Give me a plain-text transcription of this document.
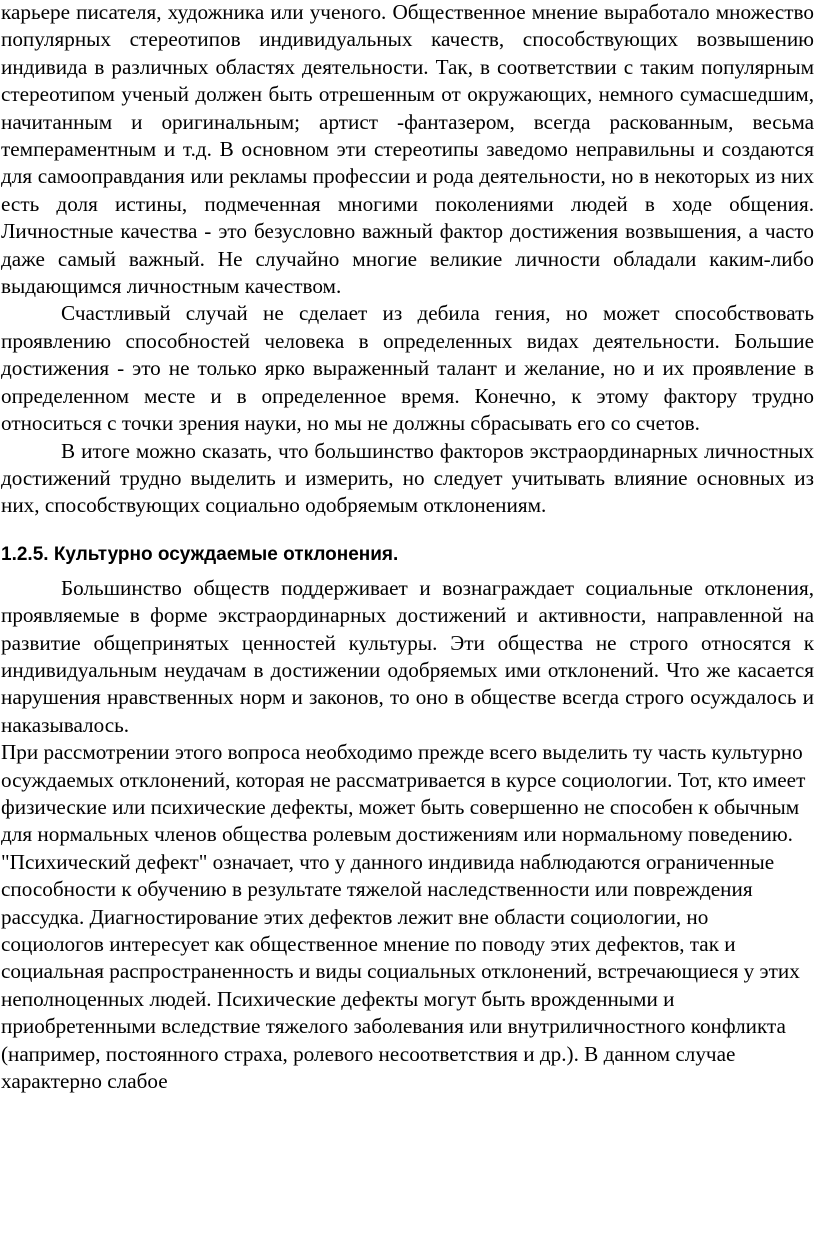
карьере писателя, художника или ученого. Общественное мнение выработало множество популярных стереотипов индивидуальных качеств, способствующих возвышению индивида в различных областях деятельности. Так, в соответствии с таким популярным стереотипом ученый должен быть отрешенным от окружающих, немного сумасшедшим, начитанным и оригинальным; артист -фантазером, всегда раскованным, весьма темпераментным и т.д. В основном эти стереотипы заведомо неправильны и создаются для самооправдания или рекламы профессии и рода деятельности, но в некоторых из них есть доля истины, подмеченная многими поколениями людей в ходе общения. Личностные качества - это безусловно важный фактор достижения возвышения, а часто даже самый важный. Не случайно многие великие личности обладали каким-либо выдающимся личностным качеством.

Счастливый случай не сделает из дебила гения, но может способствовать проявлению способностей человека в определенных видах деятельности. Большие достижения - это не только ярко выраженный талант и желание, но и их проявление в определенном месте и в определенное время. Конечно, к этому фактору трудно относиться с точки зрения науки, но мы не должны сбрасывать его со счетов.

В итоге можно сказать, что большинство факторов экстраординарных личностных достижений трудно выделить и измерить, но следует учитывать влияние основных из них, способствующих социально одобряемым отклонениям.

1.2.5. Культурно осуждаемые отклонения.

Большинство обществ поддерживает и вознаграждает социальные отклонения, проявляемые в форме экстраординарных достижений и активности, направленной на развитие общепринятых ценностей культуры. Эти общества не строго относятся к индивидуальным неудачам в достижении одобряемых ими отклонений. Что же касается нарушения нравственных норм и законов, то оно в обществе всегда строго осуждалось и наказывалось.

При рассмотрении этого вопроса необходимо прежде всего выделить ту часть культурно осуждаемых отклонений, которая не рассматривается в курсе социологии. Тот, кто имеет физические или психические дефекты, может быть совершенно не способен к обычным для нормальных членов общества ролевым достижениям или нормальному поведению. "Психический дефект" означает, что у данного индивида наблюдаются ограниченные способности к обучению в результате тяжелой наследственности или повреждения рассудка. Диагностирование этих дефектов лежит вне области социологии, но социологов интересует как общественное мнение по поводу этих дефектов, так и социальная распространенность и виды социальных отклонений, встречающиеся у этих неполноценных людей. Психические дефекты могут быть врожденными и приобретенными вследствие тяжелого заболевания или внутриличностного конфликта (например, постоянного страха, ролевого несоответствия и др.). В данном случае характерно слабое
